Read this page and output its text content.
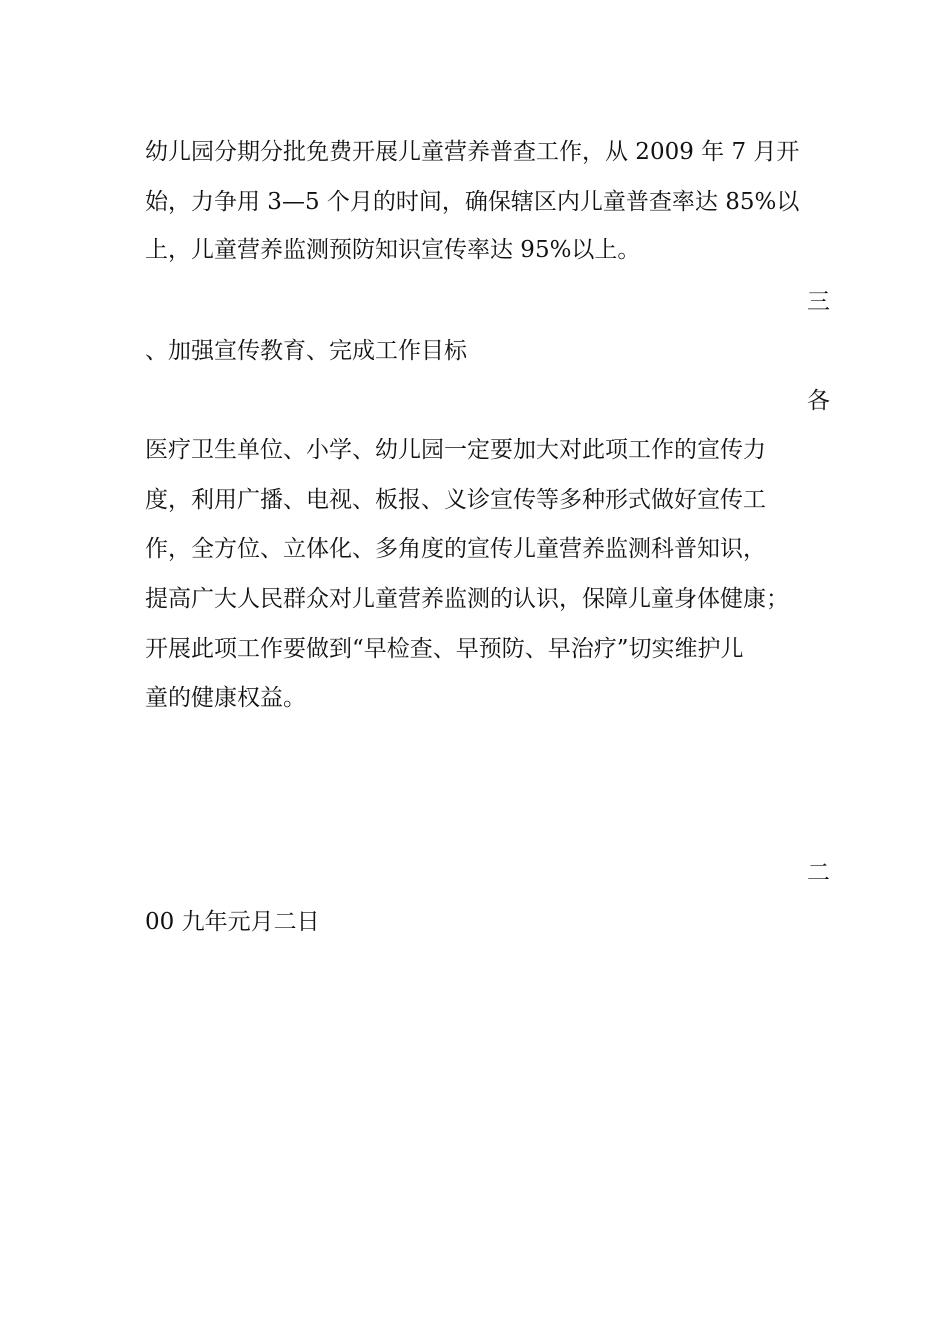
幼儿园分期分批免费开展儿童营养普查工作，从 2009 年 7 月开

始，力争用 3—5 个月的时间，确保辖区内儿童普查率达 85%以

上，儿童营养监测预防知识宣传率达 95%以上。

三

、加强宣传教育、完成工作目标

各

医疗卫生单位、小学、幼儿园一定要加大对此项工作的宣传力

度，利用广播、电视、板报、义诊宣传等多种形式做好宣传工

作，全方位、立体化、多角度的宣传儿童营养监测科普知识，

提高广大人民群众对儿童营养监测的认识，保障儿童身体健康；

开展此项工作要做到“早检查、早预防、早治疗”切实维护儿

童的健康权益。

二

00 九年元月二日
